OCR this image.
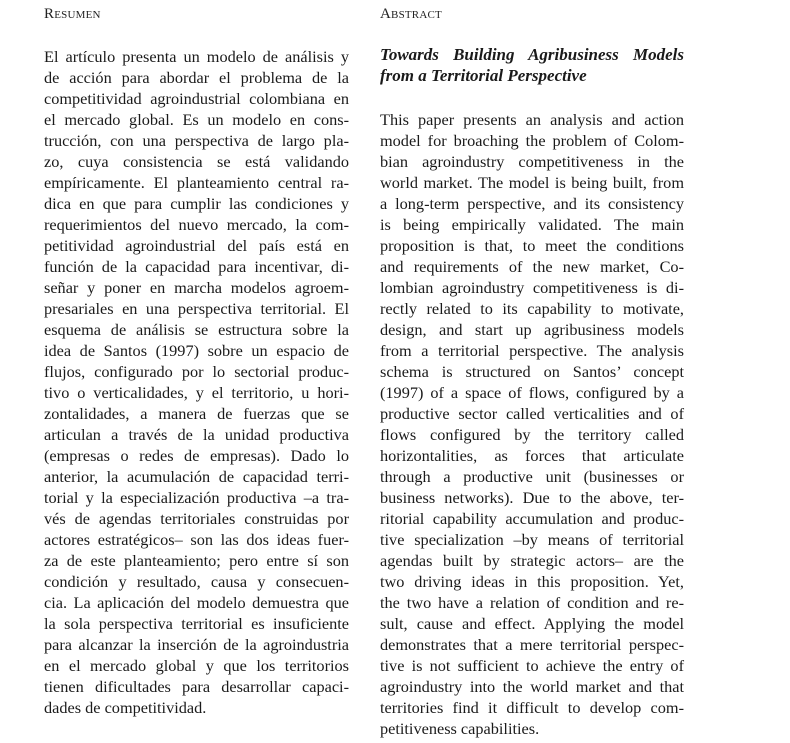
Resumen
El artículo presenta un modelo de análisis y
de acción para abordar el problema de la
competitividad agroindustrial colombiana en
el mercado global. Es un modelo en cons-
trucción, con una perspectiva de largo pla-
zo, cuya consistencia se está validando
empíricamente. El planteamiento central ra-
dica en que para cumplir las condiciones y
requerimientos del nuevo mercado, la com-
petitividad agroindustrial del país está en
función de la capacidad para incentivar, di-
señar y poner en marcha modelos agroem-
presariales en una perspectiva territorial. El
esquema de análisis se estructura sobre la
idea de Santos (1997) sobre un espacio de
flujos, configurado por lo sectorial produc-
tivo o verticalidades, y el territorio, u hori-
zontalidades, a manera de fuerzas que se
articulan a través de la unidad productiva
(empresas o redes de empresas). Dado lo
anterior, la acumulación de capacidad terri-
torial y la especialización productiva –a tra-
vés de agendas territoriales construidas por
actores estratégicos– son las dos ideas fuer-
za de este planteamiento; pero entre sí son
condición y resultado, causa y consecuen-
cia. La aplicación del modelo demuestra que
la sola perspectiva territorial es insuficiente
para alcanzar la inserción de la agroindustria
en el mercado global y que los territorios
tienen dificultades para desarrollar capaci-
dades de competitividad.
Abstract
Towards Building Agribusiness Models
from a Territorial Perspective
This paper presents an analysis and action
model for broaching the problem of Colom-
bian agroindustry competitiveness in the
world market. The model is being built, from
a long-term perspective, and its consistency
is being empirically validated. The main
proposition is that, to meet the conditions
and requirements of the new market, Co-
lombian agroindustry competitiveness is di-
rectly related to its capability to motivate,
design, and start up agribusiness models
from a territorial perspective. The analysis
schema is structured on Santos’ concept
(1997) of a space of flows, configured by a
productive sector called verticalities and of
flows configured by the territory called
horizontalities, as forces that articulate
through a productive unit (businesses or
business networks). Due to the above, ter-
ritorial capability accumulation and produc-
tive specialization –by means of territorial
agendas built by strategic actors– are the
two driving ideas in this proposition. Yet,
the two have a relation of condition and re-
sult, cause and effect. Applying the model
demonstrates that a mere territorial perspec-
tive is not sufficient to achieve the entry of
agroindustry into the world market and that
territories find it difficult to develop com-
petitiveness capabilities.
